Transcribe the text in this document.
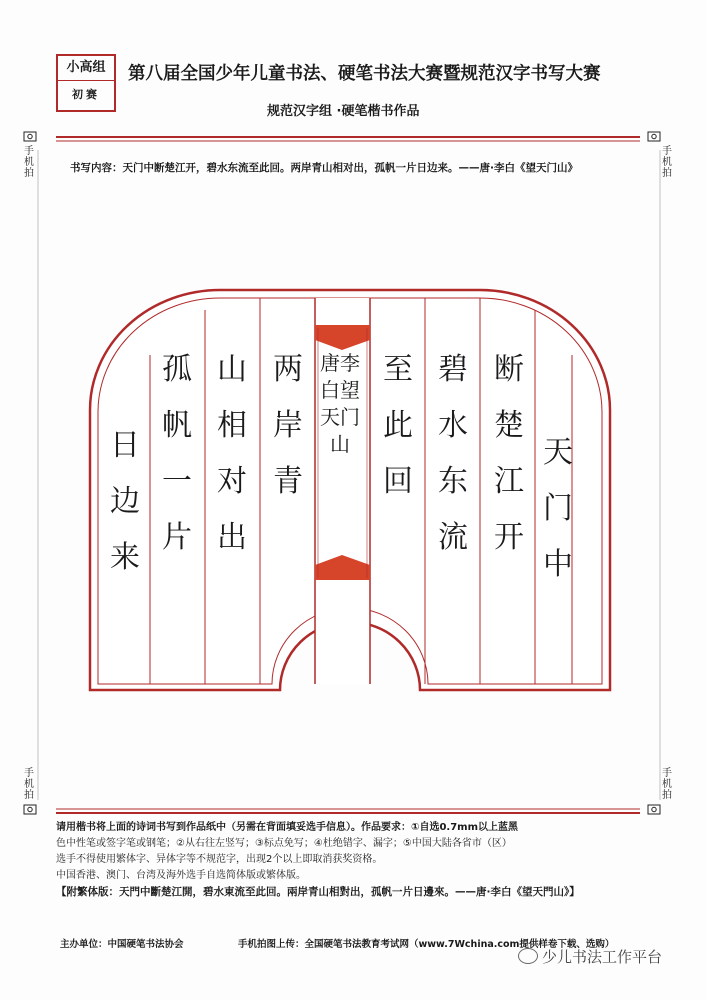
小高组
初赛
第八届全国少年儿童书法、硬笔书法大赛暨规范汉字书写大赛
规范汉字组 ·硬笔楷书作品
手机拍
手机拍
手机拍
手机拍
书写内容：天门中断楚江开，碧水东流至此回。两岸青山相对出，孤帆一片日边来。——唐·李白《望天门山》
天门中
断楚江开
碧水东流
至此回
唐李白望天门山
两岸青
山相对出
孤帆一片
日边来
请用楷书将上面的诗词书写到作品纸中（另需在背面填妥选手信息）。作品要求：①自选0.7mm以上蓝黑
色中性笔或签字笔或钢笔；②从右往左竖写；③标点免写；④杜绝错字、漏字；⑤中国大陆各省市（区）
选手不得使用繁体字、异体字等不规范字，出现2个以上即取消获奖资格。
中国香港、澳门、台湾及海外选手自选简体版或繁体版。
【附繁体版：天門中斷楚江開，碧水東流至此回。兩岸青山相對出，孤帆一片日邊來。——唐·李白《望天門山》】
主办单位：中国硬笔书法协会	手机拍图上传：全国硬笔书法教育考试网（www.7Wchina.com提供样卷下载、选购）
少儿书法工作平台
